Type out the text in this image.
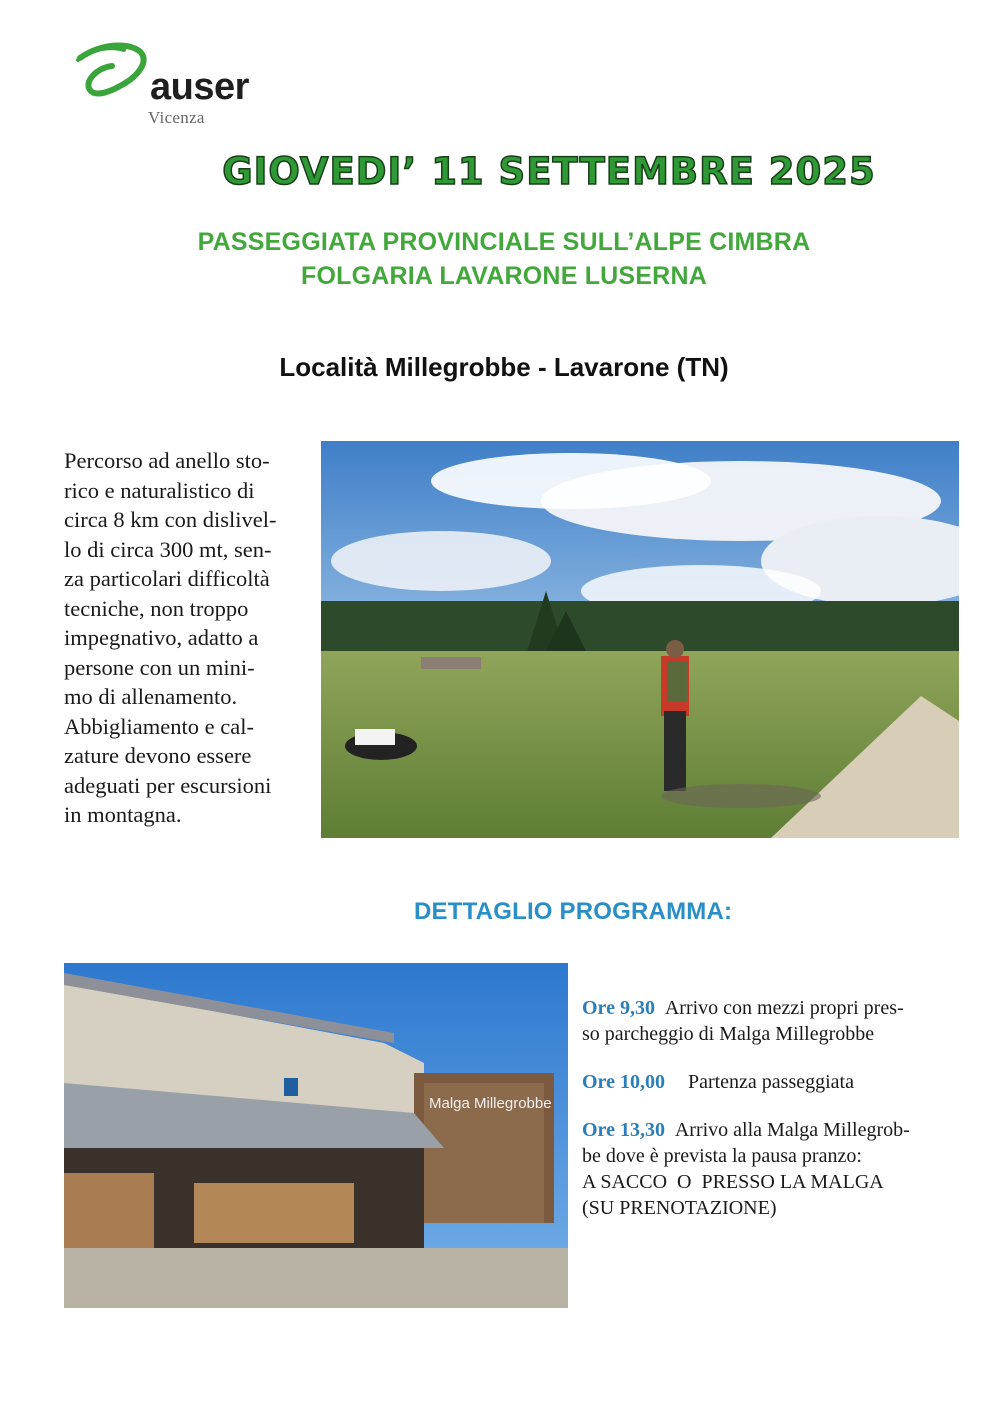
auser
Vicenza
GIOVEDI’ 11 SETTEMBRE 2025
PASSEGGIATA PROVINCIALE SULL’ALPE CIMBRA
FOLGARIA LAVARONE LUSERNA
Località Millegrobbe - Lavarone (TN)
Percorso ad anello sto-
rico e naturalistico di
circa 8 km con dislivel-
lo di circa 300 mt, sen-
za particolari difficoltà
tecniche, non troppo
impegnativo, adatto a
persone con un mini-
mo di allenamento.
Abbigliamento e cal-
zature devono essere
adeguati per escursioni
in montagna.
DETTAGLIO PROGRAMMA:
Malga Millegrobbe
Ore 9,30 Arrivo con mezzi propri pres-
so parcheggio di Malga Millegrobbe
Ore 10,00 Partenza passeggiata
Ore 13,30 Arrivo alla Malga Millegrob-
be dove è prevista la pausa pranzo:
A SACCO  O  PRESSO LA MALGA
(SU PRENOTAZIONE)
